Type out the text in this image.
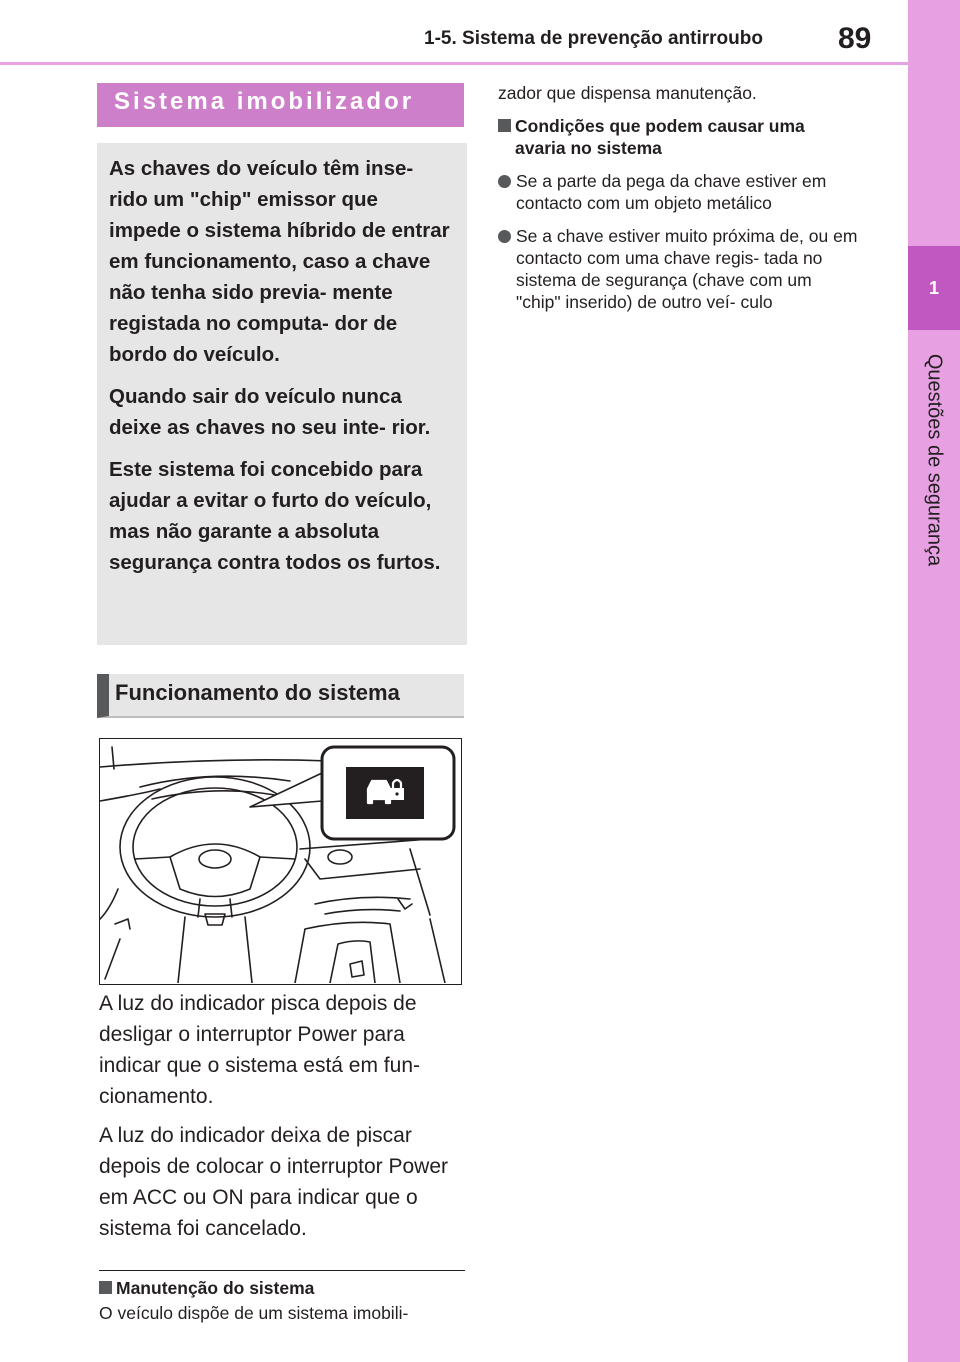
1-5. Sistema de prevenção antirroubo	89
1
Questões de segurança
Sistema imobilizador

As chaves do veículo têm inse- rido um "chip" emissor que impede o sistema híbrido de entrar em funcionamento, caso a chave não tenha sido previa- mente registada no computa- dor de bordo do veículo.

Quando sair do veículo nunca deixe as chaves no seu inte- rior.

Este sistema foi concebido para ajudar a evitar o furto do veículo, mas não garante a absoluta segurança contra todos os furtos.

Funcionamento do sistema

A luz do indicador pisca depois de desligar o interruptor Power para indicar que o sistema está em fun- cionamento.

A luz do indicador deixa de piscar depois de colocar o interruptor Power em ACC ou ON para indicar que o sistema foi cancelado.

Manutenção do sistema
O veículo dispõe de um sistema imobili-

zador que dispensa manutenção.

Condições que podem causar uma avaria no sistema

Se a parte da pega da chave estiver em contacto com um objeto metálico

Se a chave estiver muito próxima de, ou em contacto com uma chave regis- tada no sistema de segurança (chave com um "chip" inserido) de outro veí- culo
